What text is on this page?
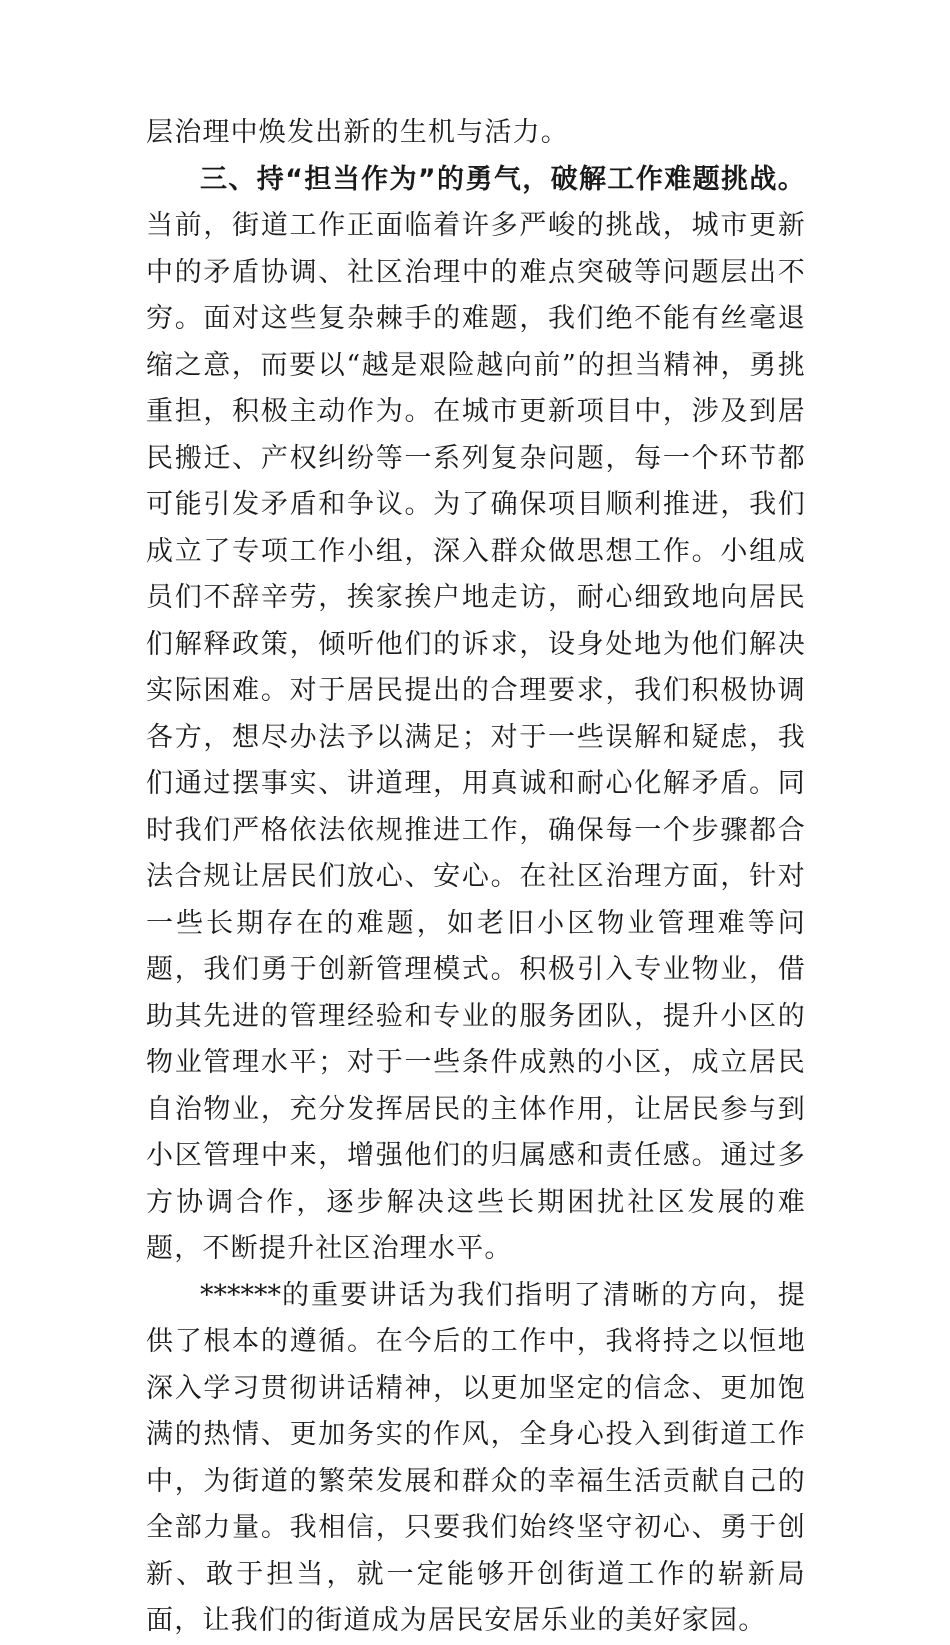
层治理中焕发出新的生机与活力。

三、持“担当作为”的勇气，破解工作难题挑战。当前，街道工作正面临着许多严峻的挑战，城市更新中的矛盾协调、社区治理中的难点突破等问题层出不穷。面对这些复杂棘手的难题，我们绝不能有丝毫退缩之意，而要以“越是艰险越向前”的担当精神，勇挑重担，积极主动作为。在城市更新项目中，涉及到居民搬迁、产权纠纷等一系列复杂问题，每一个环节都可能引发矛盾和争议。为了确保项目顺利推进，我们成立了专项工作小组，深入群众做思想工作。小组成员们不辞辛劳，挨家挨户地走访，耐心细致地向居民们解释政策，倾听他们的诉求，设身处地为他们解决实际困难。对于居民提出的合理要求，我们积极协调各方，想尽办法予以满足；对于一些误解和疑虑，我们通过摆事实、讲道理，用真诚和耐心化解矛盾。同时我们严格依法依规推进工作，确保每一个步骤都合法合规让居民们放心、安心。在社区治理方面，针对一些长期存在的难题，如老旧小区物业管理难等问题，我们勇于创新管理模式。积极引入专业物业，借助其先进的管理经验和专业的服务团队，提升小区的物业管理水平；对于一些条件成熟的小区，成立居民自治物业，充分发挥居民的主体作用，让居民参与到小区管理中来，增强他们的归属感和责任感。通过多方协调合作，逐步解决这些长期困扰社区发展的难题，不断提升社区治理水平。

******的重要讲话为我们指明了清晰的方向，提供了根本的遵循。在今后的工作中，我将持之以恒地深入学习贯彻讲话精神，以更加坚定的信念、更加饱满的热情、更加务实的作风，全身心投入到街道工作中，为街道的繁荣发展和群众的幸福生活贡献自己的全部力量。我相信，只要我们始终坚守初心、勇于创新、敢于担当，就一定能够开创街道工作的崭新局面，让我们的街道成为居民安居乐业的美好家园。
